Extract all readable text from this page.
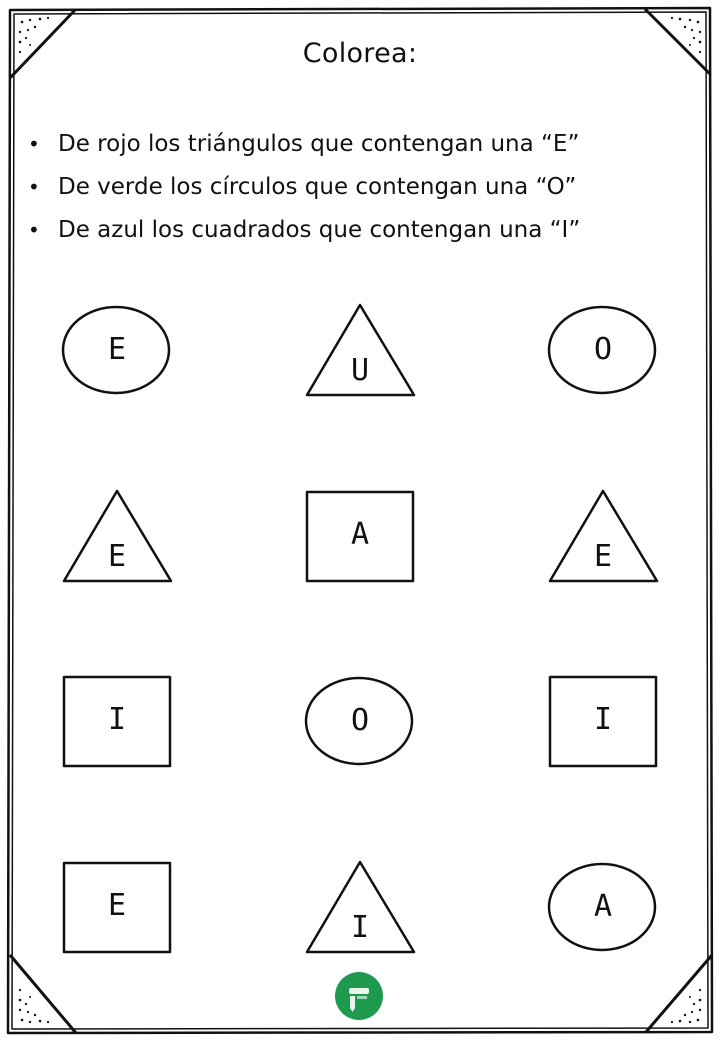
Colorea:
• De rojo los triángulos que contengan una “E”
• De verde los círculos que contengan una “O”
• De azul los cuadrados que contengan una “I”
E
U
O
E
A
E
I	O	I
E
I
A
